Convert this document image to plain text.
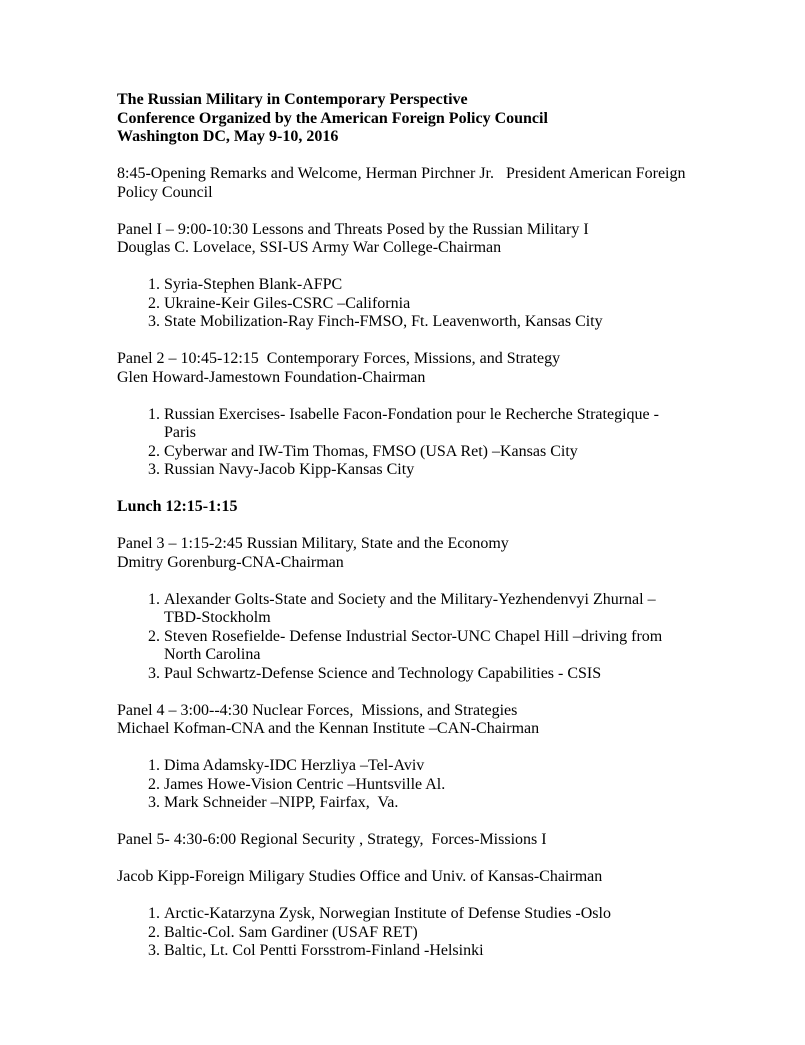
The Russian Military in Contemporary Perspective

Conference Organized by the American Foreign Policy Council

Washington DC, May 9-10, 2016

8:45-Opening Remarks and Welcome, Herman Pirchner Jr.   President American Foreign Policy Council

Panel I – 9:00-10:30 Lessons and Threats Posed by the Russian Military I

Douglas C. Lovelace, SSI-US Army War College-Chairman

1. Syria-Stephen Blank-AFPC
2. Ukraine-Keir Giles-CSRC –California
3. State Mobilization-Ray Finch-FMSO, Ft. Leavenworth, Kansas City

Panel 2 – 10:45-12:15  Contemporary Forces, Missions, and Strategy

Glen Howard-Jamestown Foundation-Chairman

1. Russian Exercises- Isabelle Facon-Fondation pour le Recherche Strategique -Paris
2. Cyberwar and IW-Tim Thomas, FMSO (USA Ret) –Kansas City
3. Russian Navy-Jacob Kipp-Kansas City

Lunch 12:15-1:15

Panel 3 – 1:15-2:45 Russian Military, State and the Economy

Dmitry Gorenburg-CNA-Chairman

1. Alexander Golts-State and Society and the Military-Yezhendenvyi Zhurnal – TBD-Stockholm
2. Steven Rosefielde- Defense Industrial Sector-UNC Chapel Hill –driving from North Carolina
3. Paul Schwartz-Defense Science and Technology Capabilities - CSIS

Panel 4 – 3:00--4:30 Nuclear Forces,  Missions, and Strategies

Michael Kofman-CNA and the Kennan Institute –CAN-Chairman

1. Dima Adamsky-IDC Herzliya –Tel-Aviv
2. James Howe-Vision Centric –Huntsville Al.
3. Mark Schneider –NIPP, Fairfax,  Va.

Panel 5- 4:30-6:00 Regional Security , Strategy,  Forces-Missions I

Jacob Kipp-Foreign Miligary Studies Office and Univ. of Kansas-Chairman

1. Arctic-Katarzyna Zysk, Norwegian Institute of Defense Studies -Oslo
2. Baltic-Col. Sam Gardiner (USAF RET)
3. Baltic, Lt. Col Pentti Forsstrom-Finland -Helsinki
